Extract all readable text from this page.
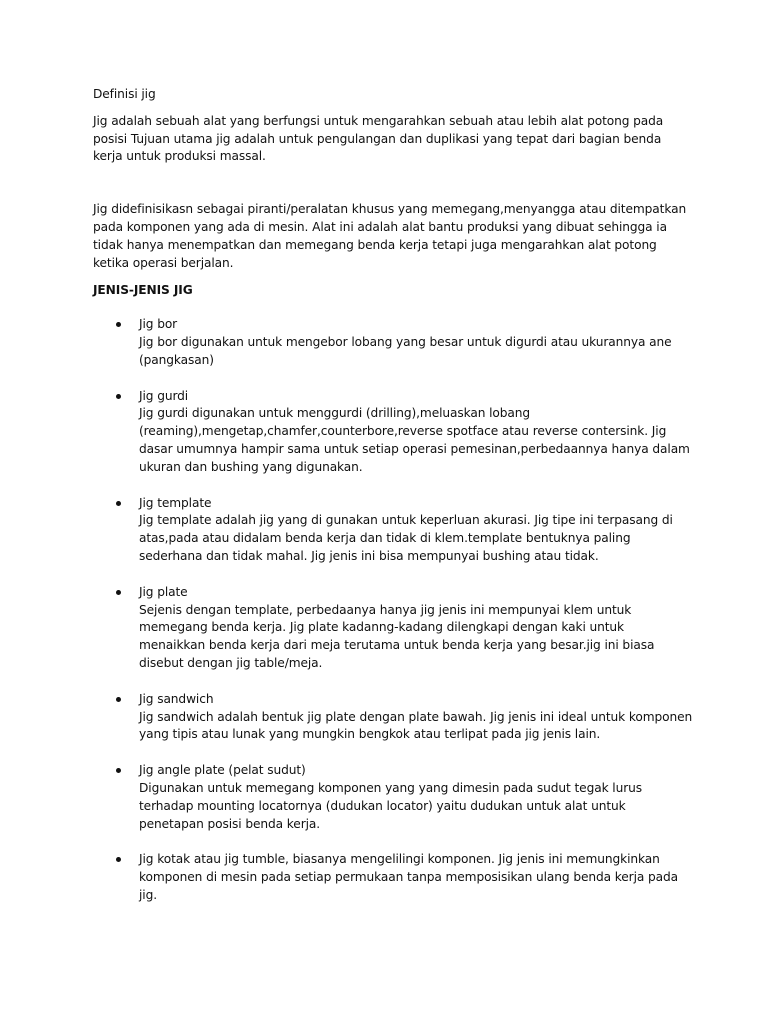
Definisi jig

Jig adalah sebuah alat yang berfungsi untuk mengarahkan sebuah atau lebih alat potong pada posisi Tujuan utama jig adalah untuk pengulangan dan duplikasi yang tepat dari bagian benda kerja untuk produksi massal.

Jig didefinisikasn sebagai piranti/peralatan khusus yang memegang,menyangga atau ditempatkan pada komponen yang ada di mesin. Alat ini adalah alat bantu produksi yang dibuat sehingga ia tidak hanya menempatkan dan memegang benda kerja tetapi juga mengarahkan alat potong ketika operasi berjalan.

JENIS-JENIS JIG

Jig bor
Jig bor digunakan untuk mengebor lobang yang besar untuk digurdi atau ukurannya ane (pangkasan)
Jig gurdi
Jig gurdi digunakan untuk menggurdi (drilling),meluaskan lobang (reaming),mengetap,chamfer,counterbore,reverse spotface atau reverse contersink. Jig dasar umumnya hampir sama untuk setiap operasi pemesinan,perbedaannya hanya dalam ukuran dan bushing yang digunakan.
Jig template
Jig template adalah jig yang di gunakan untuk keperluan akurasi. Jig tipe ini terpasang di atas,pada atau didalam benda kerja dan tidak di klem.template bentuknya paling sederhana dan tidak mahal. Jig jenis ini bisa mempunyai bushing atau tidak.
Jig plate
Sejenis dengan template, perbedaanya hanya jig jenis ini mempunyai klem untuk memegang benda kerja. Jig plate kadanng-kadang dilengkapi dengan kaki untuk menaikkan benda kerja dari meja terutama untuk benda kerja yang besar.jig ini biasa disebut dengan jig table/meja.
Jig sandwich
Jig sandwich adalah bentuk jig plate dengan plate bawah. Jig jenis ini ideal untuk komponen yang tipis atau lunak yang mungkin bengkok atau terlipat pada jig jenis lain.
Jig angle plate (pelat sudut)
Digunakan untuk memegang komponen yang yang dimesin pada sudut tegak lurus terhadap mounting locatornya (dudukan locator) yaitu dudukan untuk alat untuk penetapan posisi benda kerja.
Jig kotak atau jig tumble, biasanya mengelilingi komponen. Jig jenis ini memungkinkan komponen di mesin pada setiap permukaan tanpa memposisikan ulang benda kerja pada jig.
